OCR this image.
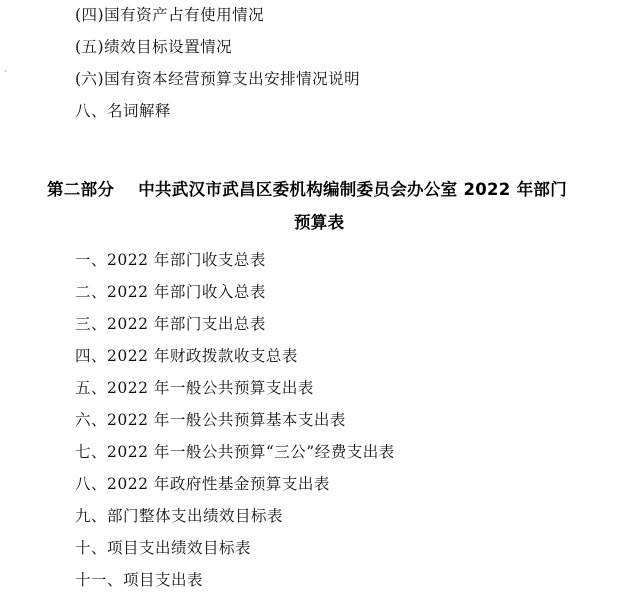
˅
(四)国有资产占有使用情况
(五)绩效目标设置情况
(六)国有资本经营预算支出安排情况说明
八、名词解释
第二部分 中共武汉市武昌区委机构编制委员会办公室 2022 年部门
预算表
一、2022 年部门收支总表
二、2022 年部门收入总表
三、2022 年部门支出总表
四、2022 年财政拨款收支总表
五、2022 年一般公共预算支出表
六、2022 年一般公共预算基本支出表
七、2022 年一般公共预算“三公”经费支出表
八、2022 年政府性基金预算支出表
九、部门整体支出绩效目标表
十、项目支出绩效目标表
十一、项目支出表
